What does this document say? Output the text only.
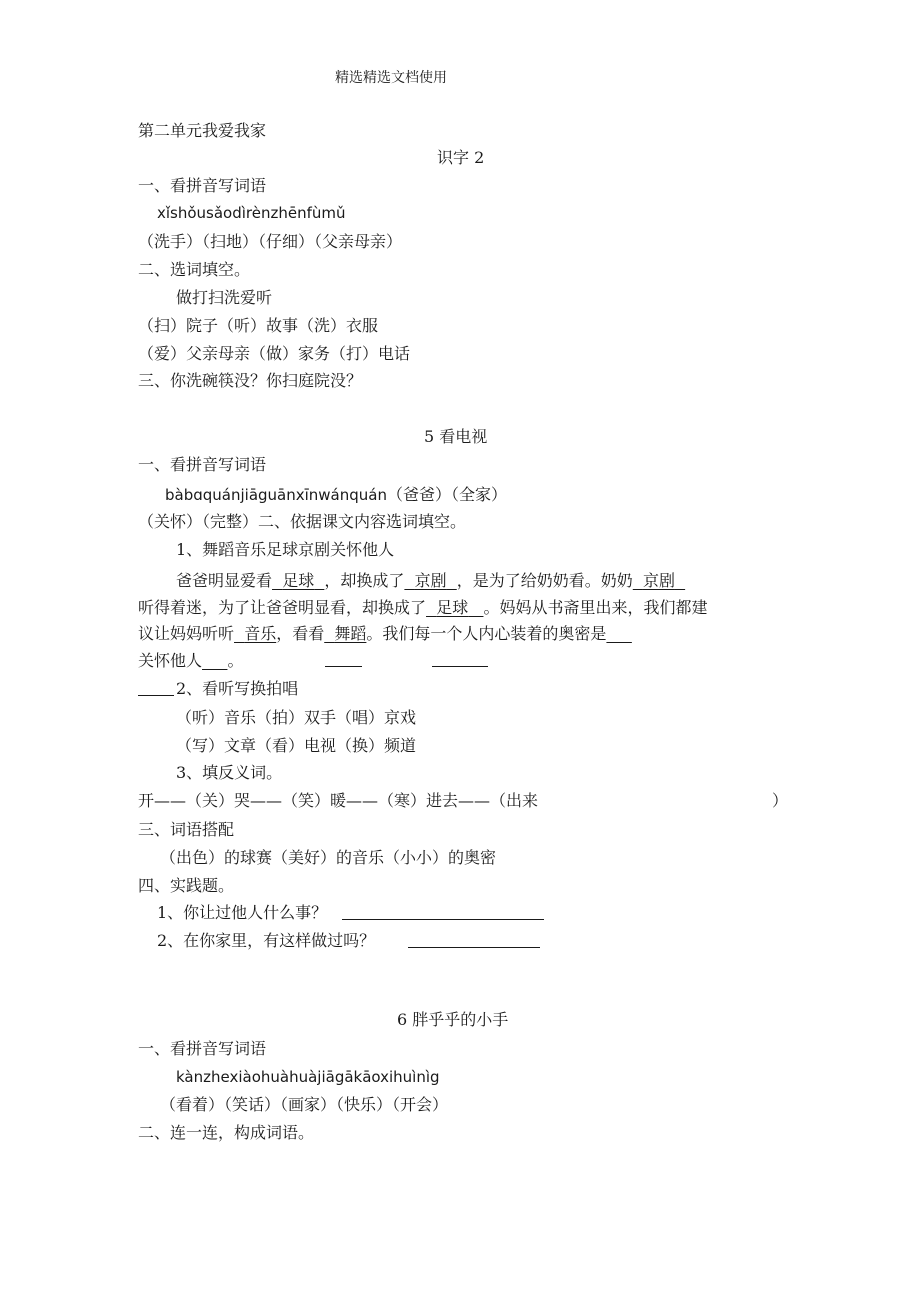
精选精选文档使用
第二单元我爱我家
识字 2
一、看拼音写词语
xǐshǒusǎodìrènzhēnfùmǔ
（洗手）（扫地）（仔细）（父亲母亲）
二、选词填空。
做打扫洗爱听
（扫）院子（听）故事（洗）衣服
（爱）父亲母亲（做）家务（打）电话
三、你洗碗筷没？你扫庭院没？
5 看电视
一、看拼音写词语
bàbɑquánjiāguānxīnwánquán（爸爸）（全家）
（关怀）（完整）二、依据课文内容选词填空。
1、舞蹈音乐足球京剧关怀他人
爸爸明显爱看 足球 ，却换成了 京剧 ，是为了给奶奶看。奶奶 京剧
听得着迷，为了让爸爸明显看，却换成了 足球 。妈妈从书斋里出来，我们都建
议让妈妈听听 音乐，看看 舞蹈。我们每一个人内心装着的奥密是
关怀他人 。
2、看听写换拍唱
（听）音乐（拍）双手（唱）京戏
（写）文章（看）电视（换）频道
3、填反义词。
开——（关）哭——（笑）暖——（寒）进去——（出来	）
三、词语搭配
（出色）的球赛（美好）的音乐（小小）的奥密
四、实践题。
1、你让过他人什么事？
2、在你家里，有这样做过吗？
6 胖乎乎的小手
一、看拼音写词语
kànzhexiàohuàhuàjiāgākāoxihuìnìg
（看着）（笑话）（画家）（快乐）（开会）
二、连一连，构成词语。
